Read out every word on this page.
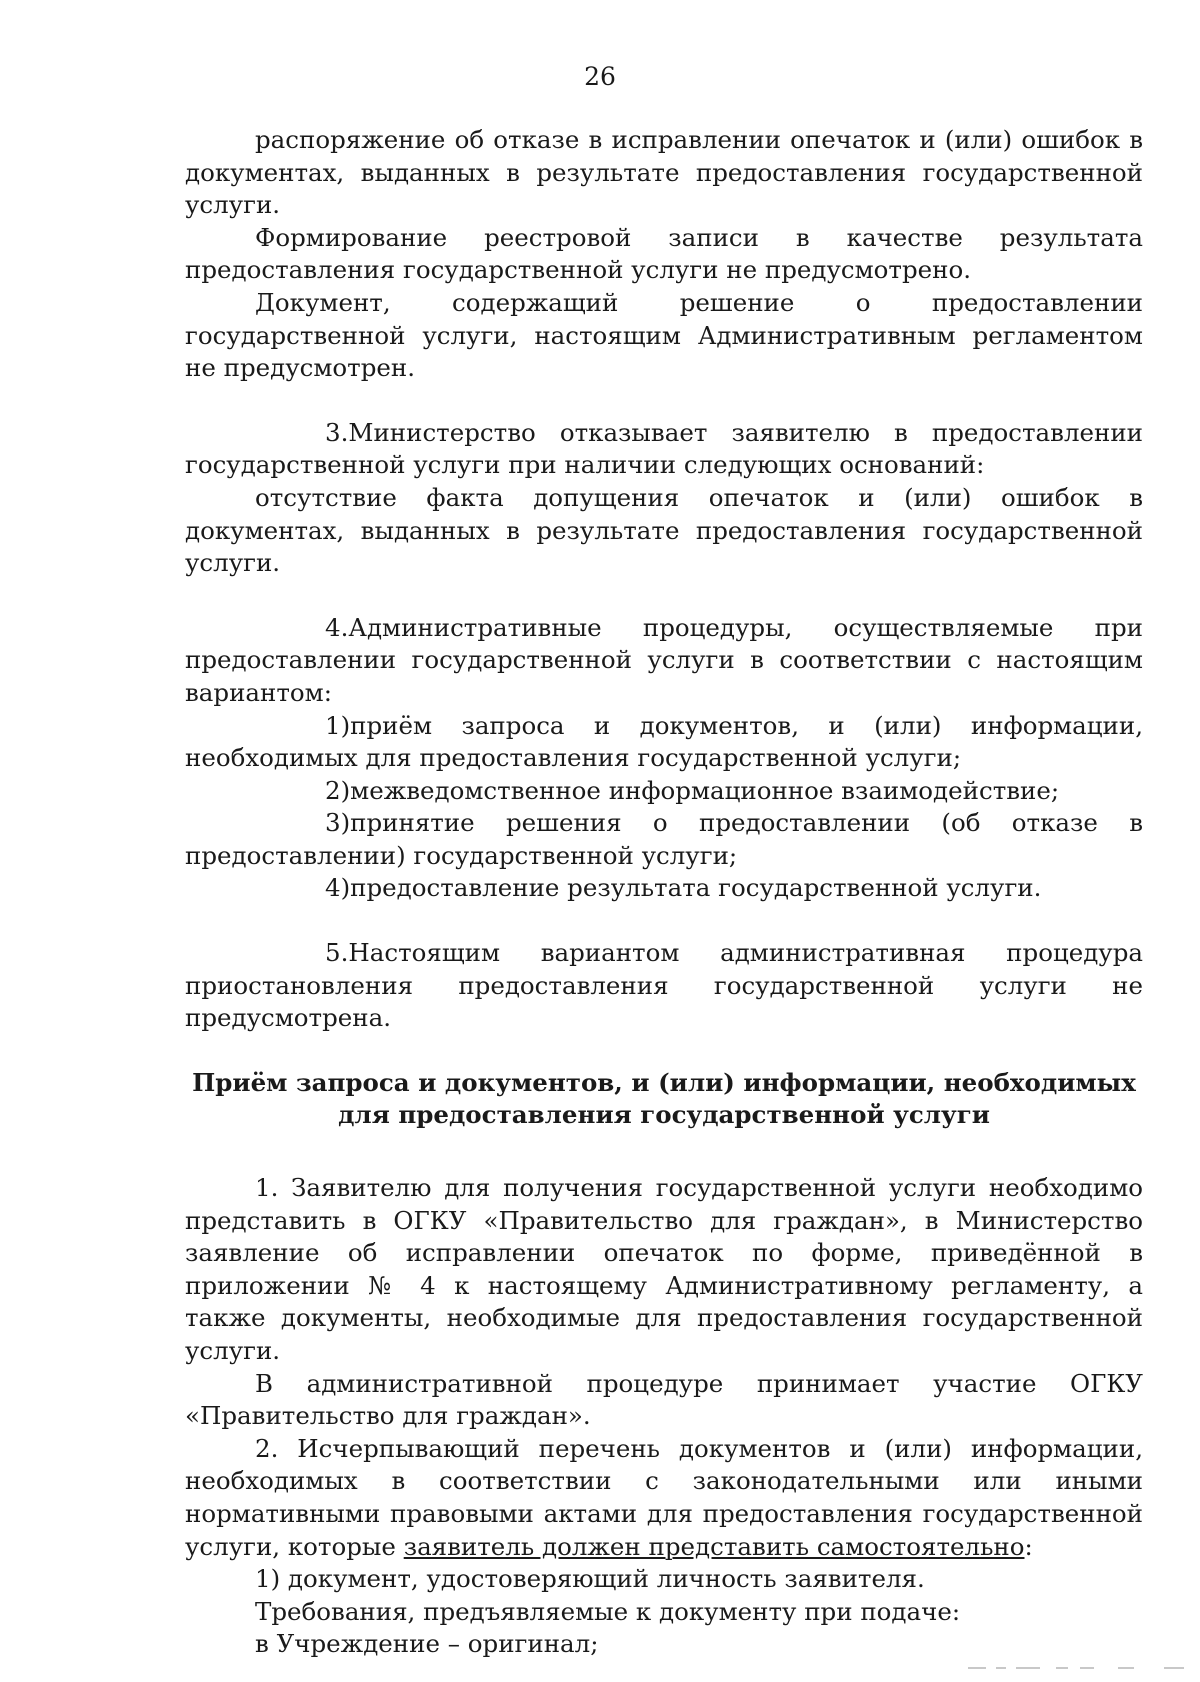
26

распоряжение об отказе в исправлении опечаток и (или) ошибок в документах, выданных в результате предоставления государственной услуги.

Формирование реестровой записи в качестве результата предоставления государственной услуги не предусмотрено.

Документ, содержащий решение о предоставлении государственной услуги, настоящим Административным регламентом не предусмотрен.

3.Министерство отказывает заявителю в предоставлении государственной услуги при наличии следующих оснований:

отсутствие факта допущения опечаток и (или) ошибок в документах, выданных в результате предоставления государственной услуги.

4.Административные процедуры, осуществляемые при предоставлении государственной услуги в соответствии с настоящим вариантом:

1)приём запроса и документов, и (или) информации, необходимых для предоставления государственной услуги;

2)межведомственное информационное взаимодействие;

3)принятие решения о предоставлении (об отказе в предоставлении) государственной услуги;

4)предоставление результата государственной услуги.

5.Настоящим вариантом административная процедура приостановления предоставления государственной услуги не предусмотрена.

Приём запроса и документов, и (или) информации, необходимых
для предоставления государственной услуги

1. Заявителю для получения государственной услуги необходимо представить в ОГКУ «Правительство для граждан», в Министерство заявление об исправлении опечаток по форме, приведённой в приложении № 4 к настоящему Административному регламенту, а также документы, необходимые для предоставления государственной услуги.

В административной процедуре принимает участие ОГКУ «Правительство для граждан».

2. Исчерпывающий перечень документов и (или) информации, необходимых в соответствии с законодательными или иными нормативными правовыми актами для предоставления государственной услуги, которые заявитель должен представить самостоятельно:

1) документ, удостоверяющий личность заявителя.

Требования, предъявляемые к документу при подаче:

в Учреждение – оригинал;
